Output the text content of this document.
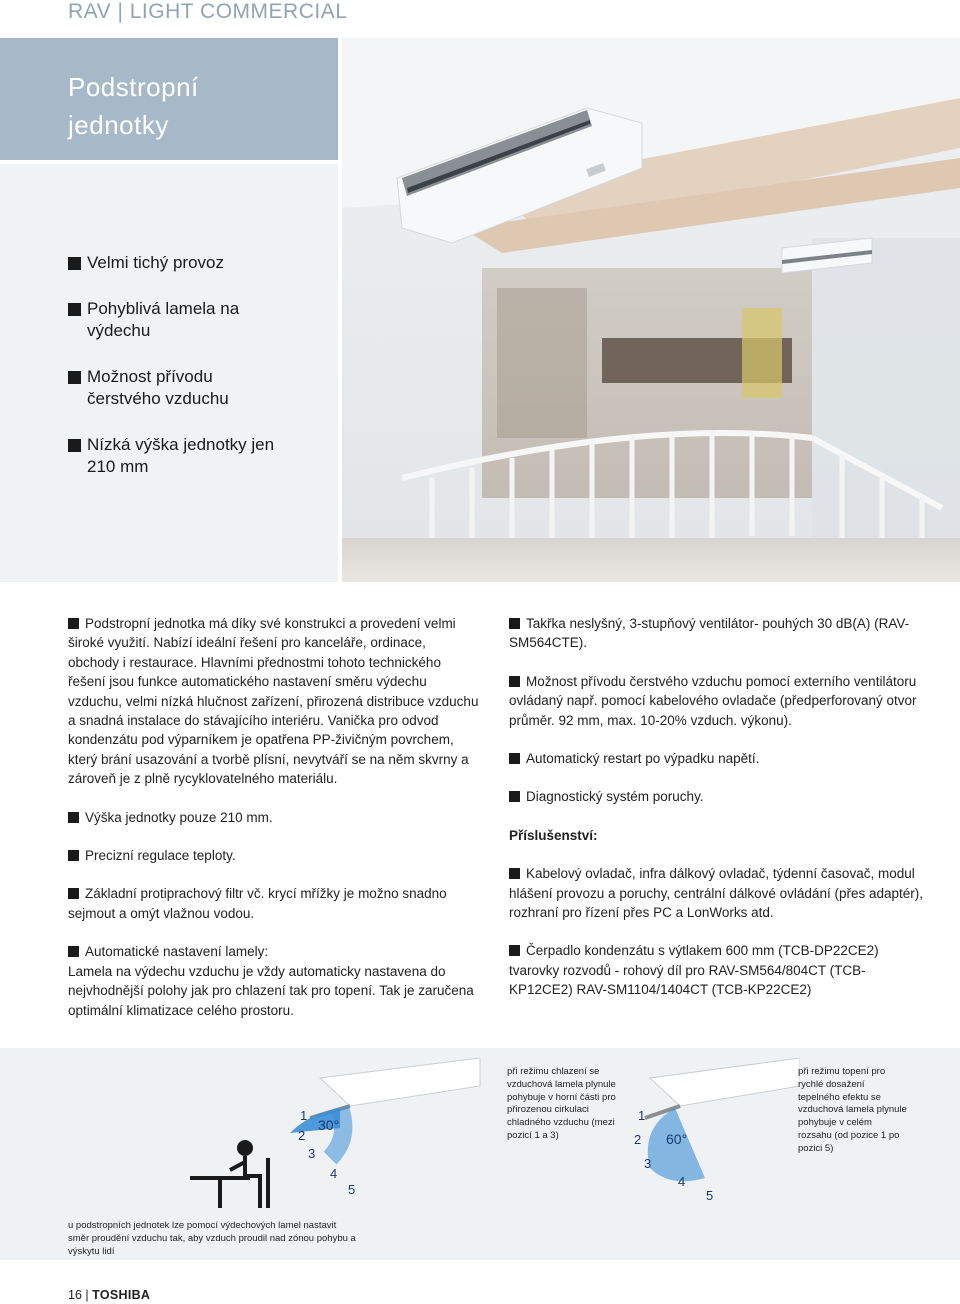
RAV | LIGHT COMMERCIAL
Podstropní
jednotky
Velmi tichý provoz
Pohyblivá lamela na výdechu
Možnost přívodu čerstvého vzduchu
Nízká výška jednotky jen 210 mm
Podstropní jednotka má díky své konstrukci a provedení velmi široké využití. Nabízí ideální řešení pro kanceláře, ordinace, obchody i restaurace. Hlavními přednostmi tohoto technického řešení jsou funkce automatického nastavení směru výdechu vzduchu, velmi nízká hlučnost zařízení, přirozená distribuce vzduchu a snadná instalace do stávajícího interiéru. Vanička pro odvod kondenzátu pod výparníkem je opatřena PP-živičným povrchem, který brání usazování a tvorbě plísní, nevytváří se na něm skvrny a zároveň je z plně rycyklovatelného materiálu.
Výška jednotky pouze 210 mm.
Precizní regulace teploty.
Základní protiprachový filtr vč. krycí mřížky je možno snadno sejmout a omýt vlažnou vodou.
Automatické nastavení lamely:
Lamela na výdechu vzduchu je vždy automaticky nastavena do nejvhodnější polohy jak pro chlazení tak pro topení. Tak je zaručena optimální klimatizace celého prostoru.
Takřka neslyšný, 3-stupňový ventilátor- pouhých 30 dB(A) (RAV-SM564CTE).
Možnost přívodu čerstvého vzduchu pomocí externího ventilátoru ovládaný např. pomocí kabelového ovladače (předperforovaný otvor průměr. 92 mm, max. 10-20% vzduch. výkonu).
Automatický restart po výpadku napětí.
Diagnostický systém poruchy.
Příslušenství:
Kabelový ovladač, infra dálkový ovladač, týdenní časovač, modul hlášení provozu a poruchy, centrální dálkové ovládání (přes adaptér), rozhraní pro řízení přes PC a LonWorks atd.
Čerpadlo kondenzátu s výtlakem 600 mm (TCB-DP22CE2) tvarovky rozvodů - rohový díl pro RAV-SM564/804CT (TCB-KP12CE2) RAV-SM1104/1404CT (TCB-KP22CE2)
1
2
3
4
5
30°
při režimu chlazení se vzduchová lamela plynule pohybuje v horní části pro přirozenou cirkulaci chladného vzduchu (mezi pozicí 1 a 3)
1
2
3
4
5
60°
při režimu topení pro rychlé dosažení tepelného efektu se vzduchová lamela plynule pohybuje v celém rozsahu (od pozice 1 po pozici 5)
u podstropních jednotek lze pomocí výdechových lamel nastavit směr proudění vzduchu tak, aby vzduch proudil nad zónou pohybu a výskytu lidí
16 | TOSHIBA
